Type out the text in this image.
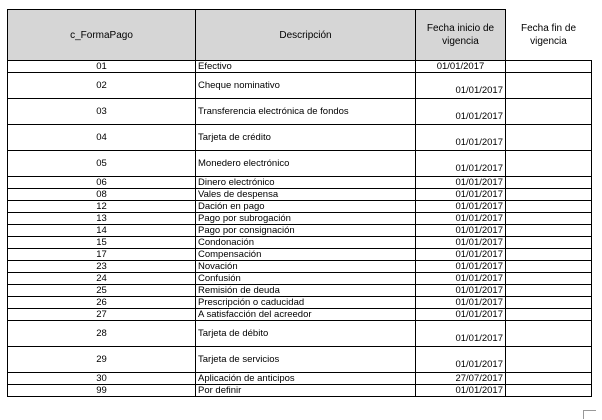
c_FormaPago	Descripción	Fecha inicio de vigencia	Fecha fin de vigencia
01	Efectivo	01/01/2017	
02	Cheque nominativo	01/01/2017	
03	Transferencia electrónica de fondos	01/01/2017	
04	Tarjeta de crédito	01/01/2017	
05	Monedero electrónico	01/01/2017	
06	Dinero electrónico	01/01/2017	
08	Vales de despensa	01/01/2017	
12	Dación en pago	01/01/2017	
13	Pago por subrogación	01/01/2017	
14	Pago por consignación	01/01/2017	
15	Condonación	01/01/2017	
17	Compensación	01/01/2017	
23	Novación	01/01/2017	
24	Confusión	01/01/2017	
25	Remisión de deuda	01/01/2017	
26	Prescripción o caducidad	01/01/2017	
27	A satisfacción del acreedor	01/01/2017	
28	Tarjeta de débito	01/01/2017	
29	Tarjeta de servicios	01/01/2017	
30	Aplicación de anticipos	27/07/2017	
99	Por definir	01/01/2017	
